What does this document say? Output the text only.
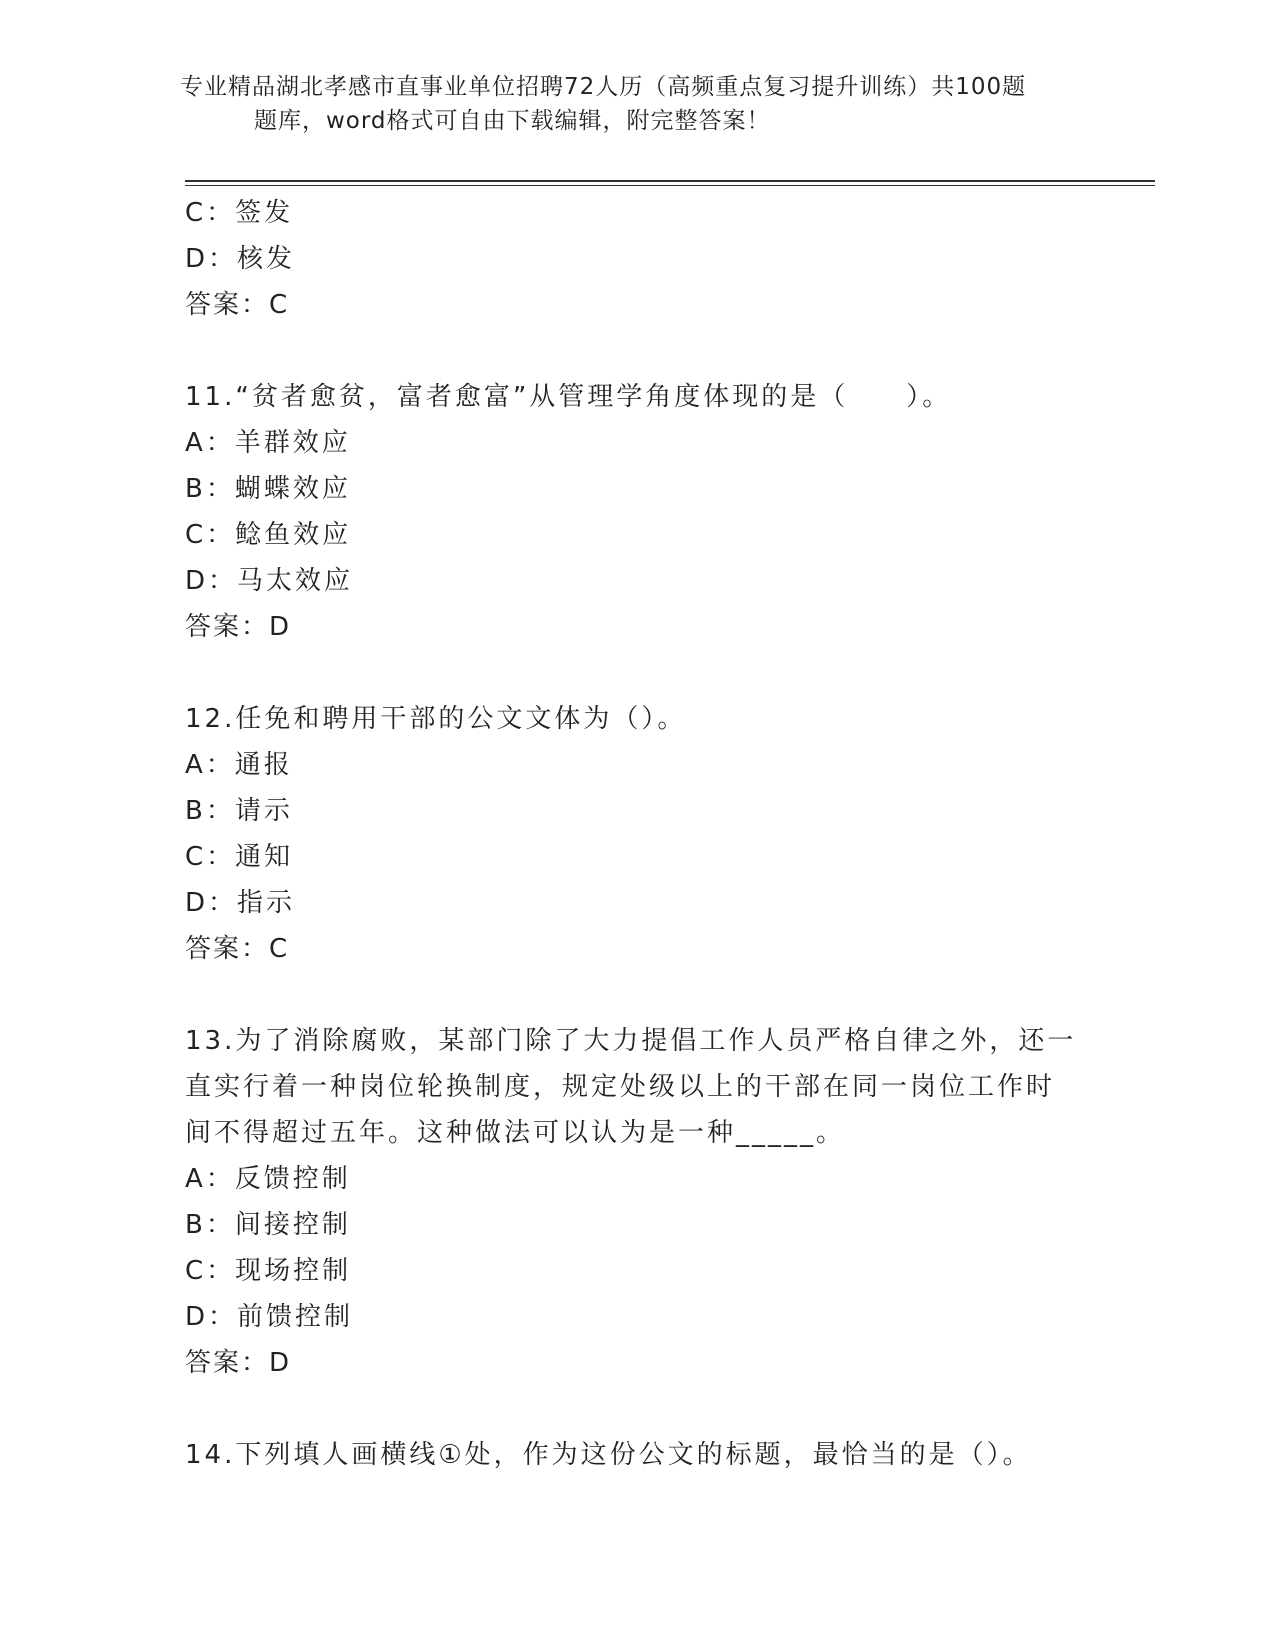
专业精品湖北孝感市直事业单位招聘72人历（高频重点复习提升训练）共100题

题库，word格式可自由下载编辑，附完整答案！
C：签发
D：核发
答案：C
11.“贫者愈贫，富者愈富”从管理学角度体现的是（　　）。
A：羊群效应
B：蝴蝶效应
C：鲶鱼效应
D：马太效应
答案：D
12.任免和聘用干部的公文文体为（）。
A：通报
B：请示
C：通知
D：指示
答案：C
13.为了消除腐败，某部门除了大力提倡工作人员严格自律之外，还一
直实行着一种岗位轮换制度，规定处级以上的干部在同一岗位工作时
间不得超过五年。这种做法可以认为是一种_____。
A：反馈控制
B：间接控制
C：现场控制
D：前馈控制
答案：D
14.下列填人画横线①处，作为这份公文的标题，最恰当的是（）。
